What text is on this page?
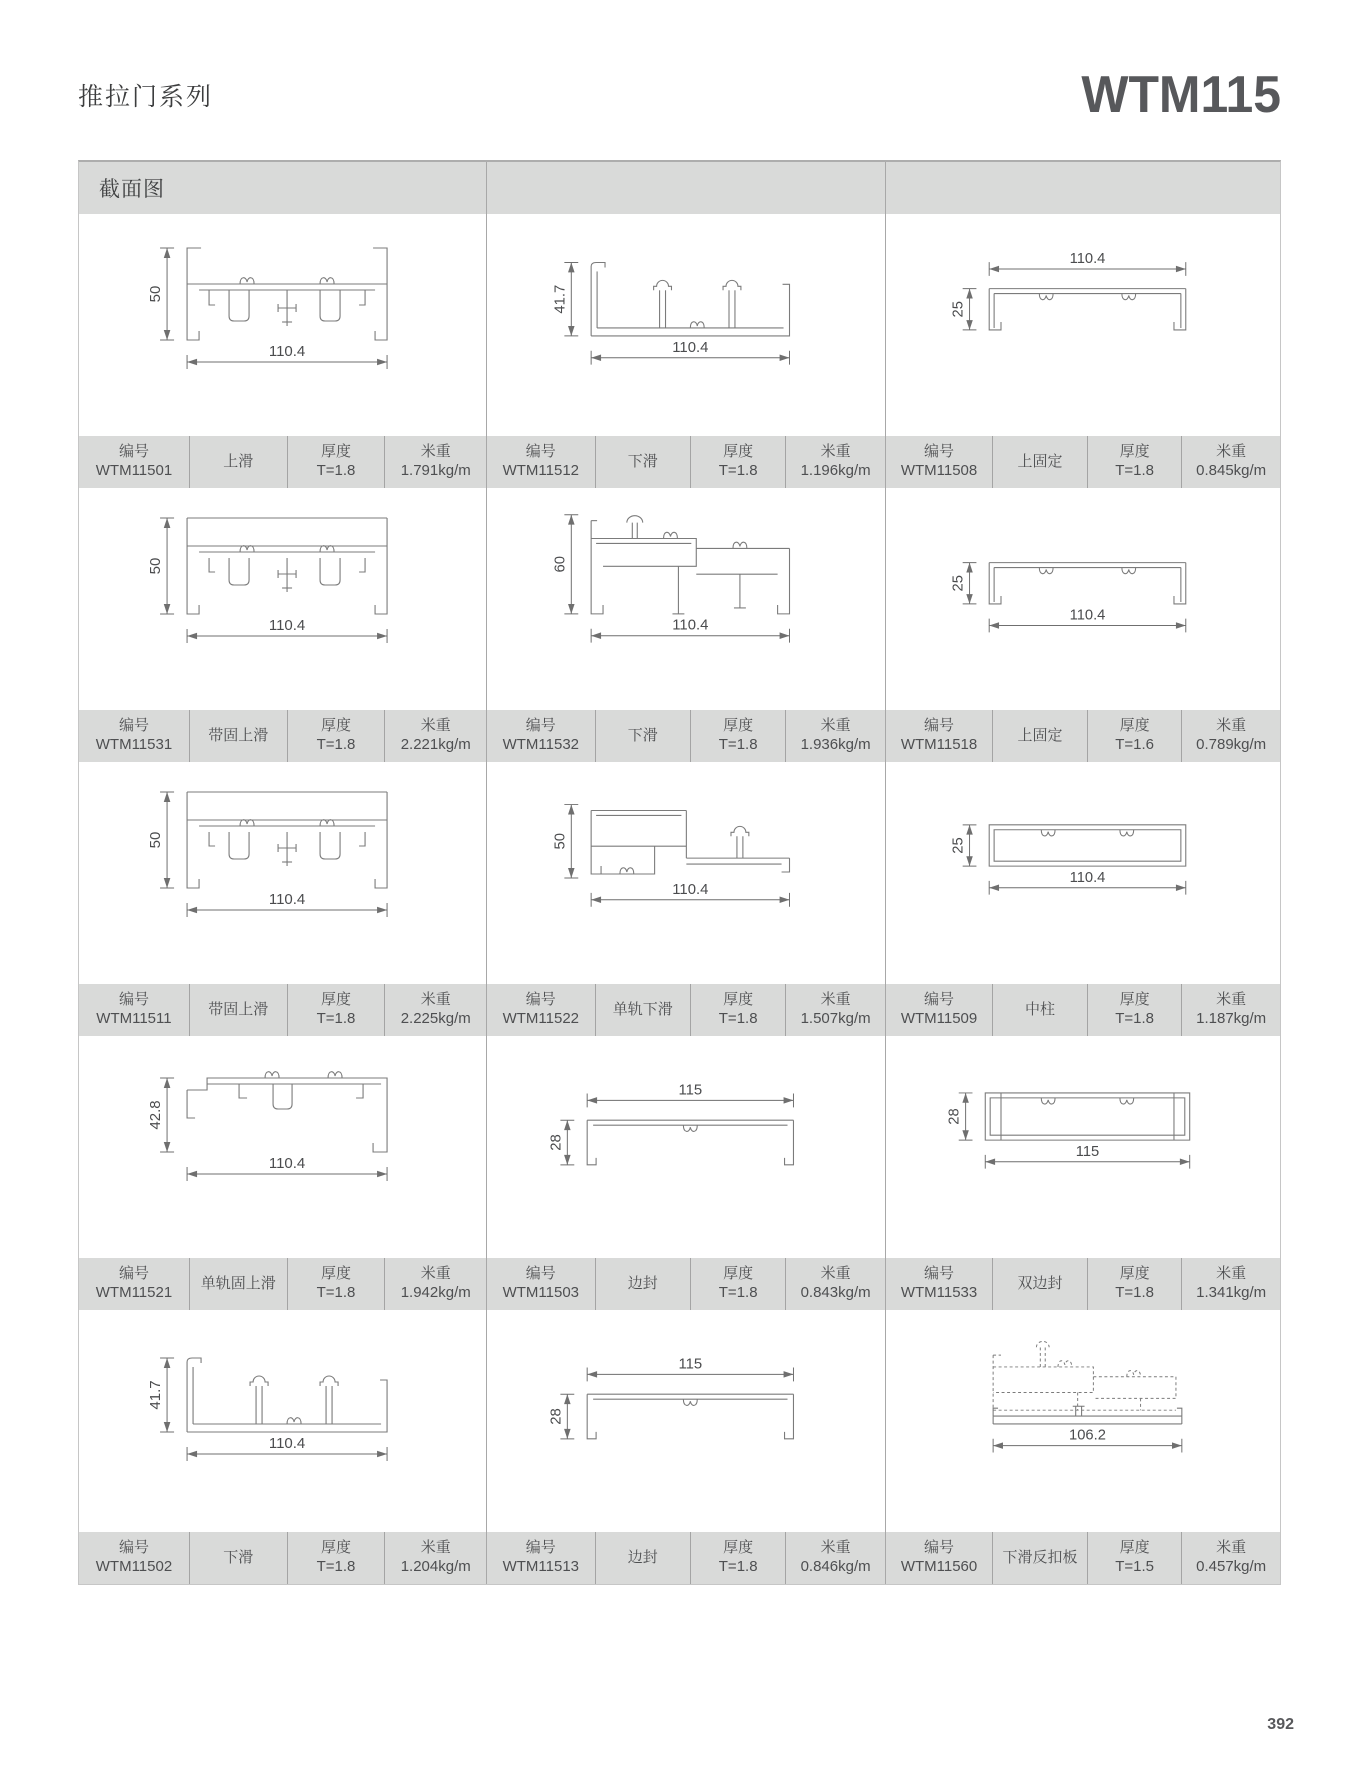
推拉门系列	WTM115
截面图
50
110.4
41.7
110.4
110.4
25
编号
WTM11501
上滑
厚度
T=1.8
米重
1.791kg/m
编号
WTM11512
下滑
厚度
T=1.8
米重
1.196kg/m
编号
WTM11508
上固定
厚度
T=1.8
米重
0.845kg/m
50
110.4
60
110.4
25
110.4
编号
WTM11531
带固上滑
厚度
T=1.8
米重
2.221kg/m
编号
WTM11532
下滑
厚度
T=1.8
米重
1.936kg/m
编号
WTM11518
上固定
厚度
T=1.6
米重
0.789kg/m
50
110.4
50
110.4
25
110.4
编号
WTM11511
带固上滑
厚度
T=1.8
米重
2.225kg/m
编号
WTM11522
单轨下滑
厚度
T=1.8
米重
1.507kg/m
编号
WTM11509
中柱
厚度
T=1.8
米重
1.187kg/m
42.8
110.4
115
28
28
115
编号
WTM11521
单轨固上滑
厚度
T=1.8
米重
1.942kg/m
编号
WTM11503
边封
厚度
T=1.8
米重
0.843kg/m
编号
WTM11533
双边封
厚度
T=1.8
米重
1.341kg/m
41.7
110.4
115
28
106.2
编号
WTM11502
下滑
厚度
T=1.8
米重
1.204kg/m
编号
WTM11513
边封
厚度
T=1.8
米重
0.846kg/m
编号
WTM11560
下滑反扣板
厚度
T=1.5
米重
0.457kg/m
392
